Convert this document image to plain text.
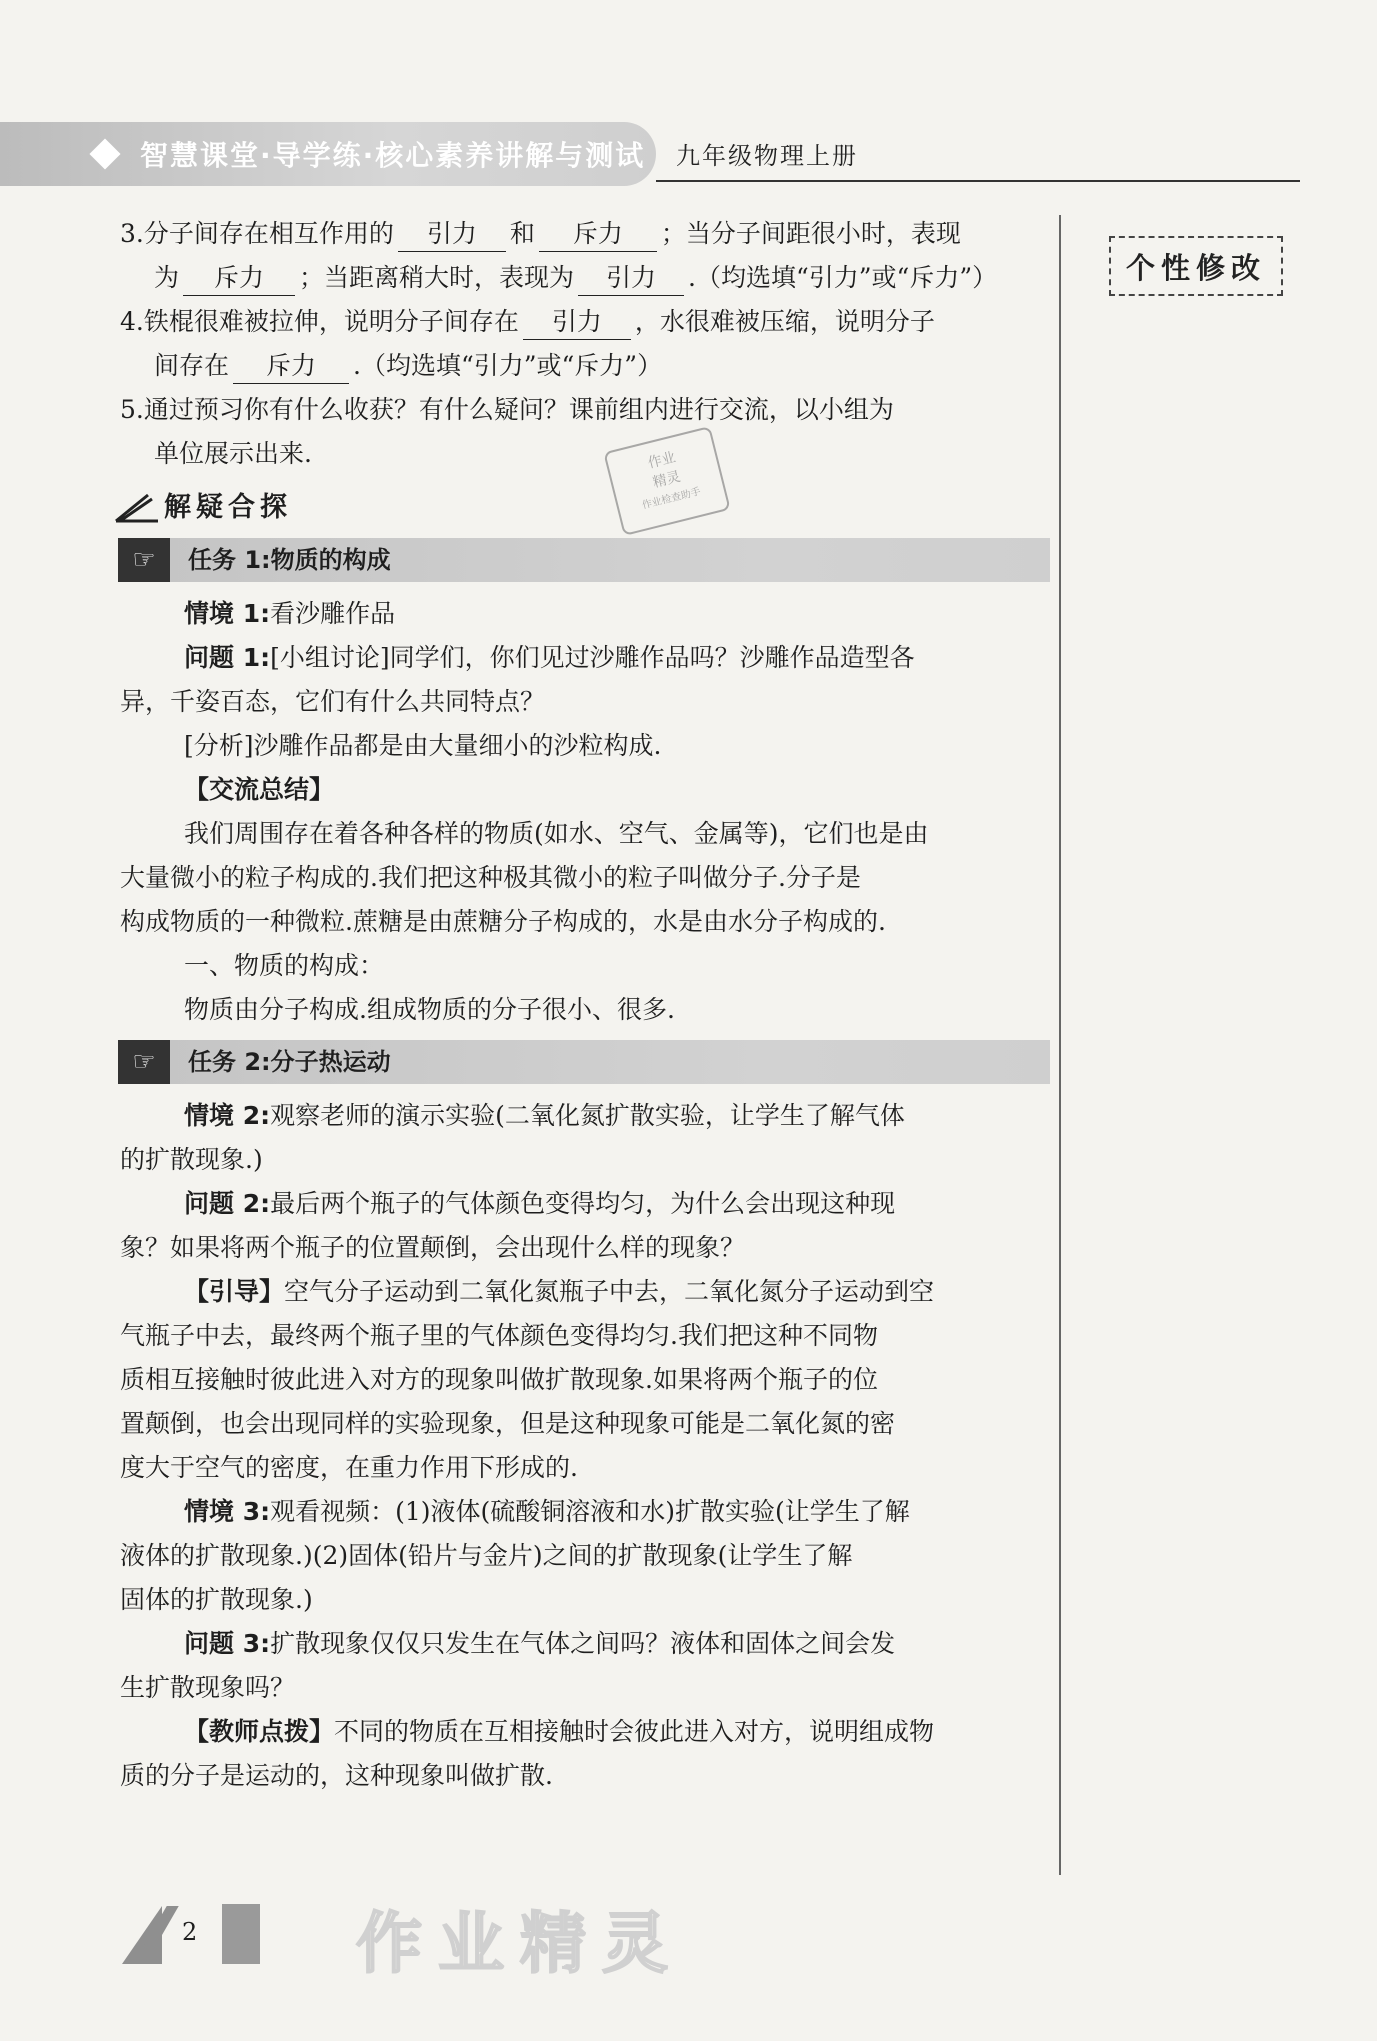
智慧课堂·导学练·核心素养讲解与测试 九年级物理上册
个性修改
作业
精灵
作业检查助手

3.分子间存在相互作用的 引力 和 斥力 ；当分子间距很小时，表现

为 斥力 ；当距离稍大时，表现为 引力 .（均选填“引力”或“斥力”）

4.铁棍很难被拉伸，说明分子间存在 引力 ，水很难被压缩，说明分子

间存在 斥力 .（均选填“引力”或“斥力”）

5.通过预习你有什么收获？有什么疑问？课前组内进行交流，以小组为

单位展示出来.

解疑合探
☞	任务 1:物质的构成

情境 1:看沙雕作品

问题 1:[小组讨论]同学们，你们见过沙雕作品吗？沙雕作品造型各

异，千姿百态，它们有什么共同特点？

[分析]沙雕作品都是由大量细小的沙粒构成.

【交流总结】

我们周围存在着各种各样的物质(如水、空气、金属等)，它们也是由

大量微小的粒子构成的.我们把这种极其微小的粒子叫做分子.分子是

构成物质的一种微粒.蔗糖是由蔗糖分子构成的，水是由水分子构成的.

一、物质的构成：

物质由分子构成.组成物质的分子很小、很多.

☞	任务 2:分子热运动

情境 2:观察老师的演示实验(二氧化氮扩散实验，让学生了解气体

的扩散现象.)

问题 2:最后两个瓶子的气体颜色变得均匀，为什么会出现这种现

象？如果将两个瓶子的位置颠倒，会出现什么样的现象？

【引导】空气分子运动到二氧化氮瓶子中去，二氧化氮分子运动到空

气瓶子中去，最终两个瓶子里的气体颜色变得均匀.我们把这种不同物

质相互接触时彼此进入对方的现象叫做扩散现象.如果将两个瓶子的位

置颠倒，也会出现同样的实验现象，但是这种现象可能是二氧化氮的密

度大于空气的密度，在重力作用下形成的.

情境 3:观看视频：(1)液体(硫酸铜溶液和水)扩散实验(让学生了解

液体的扩散现象.)(2)固体(铅片与金片)之间的扩散现象(让学生了解

固体的扩散现象.)

问题 3:扩散现象仅仅只发生在气体之间吗？液体和固体之间会发

生扩散现象吗？

【教师点拨】不同的物质在互相接触时会彼此进入对方，说明组成物

质的分子是运动的，这种现象叫做扩散.

2 作业精灵
